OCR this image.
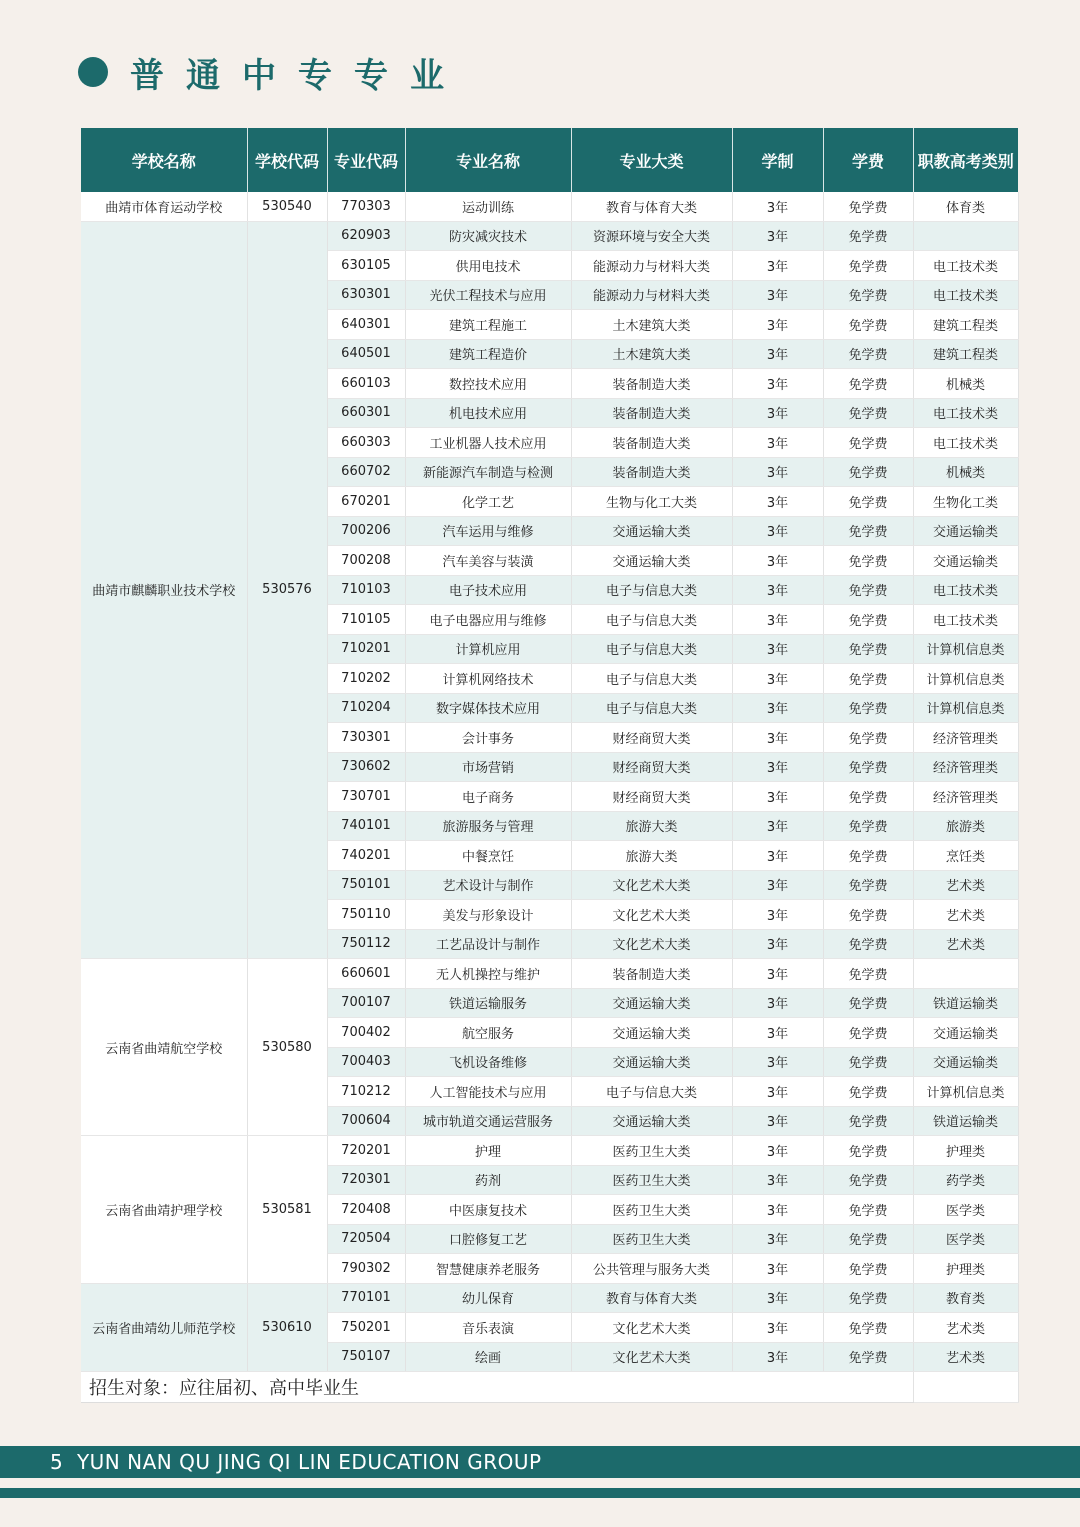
普通中专专业
学校名称	学校代码	专业代码	专业名称	专业大类	学制	学费	职教高考类别
曲靖市体育运动学校	530540	770303	运动训练	教育与体育大类	3年	免学费	体育类
曲靖市麒麟职业技术学校	530576	620903	防灾减灾技术	资源环境与安全大类	3年	免学费	
		630105	供用电技术	能源动力与材料大类	3年	免学费	电工技术类
		630301	光伏工程技术与应用	能源动力与材料大类	3年	免学费	电工技术类
		640301	建筑工程施工	土木建筑大类	3年	免学费	建筑工程类
		640501	建筑工程造价	土木建筑大类	3年	免学费	建筑工程类
		660103	数控技术应用	装备制造大类	3年	免学费	机械类
		660301	机电技术应用	装备制造大类	3年	免学费	电工技术类
		660303	工业机器人技术应用	装备制造大类	3年	免学费	电工技术类
		660702	新能源汽车制造与检测	装备制造大类	3年	免学费	机械类
		670201	化学工艺	生物与化工大类	3年	免学费	生物化工类
		700206	汽车运用与维修	交通运输大类	3年	免学费	交通运输类
		700208	汽车美容与装潢	交通运输大类	3年	免学费	交通运输类
		710103	电子技术应用	电子与信息大类	3年	免学费	电工技术类
		710105	电子电器应用与维修	电子与信息大类	3年	免学费	电工技术类
		710201	计算机应用	电子与信息大类	3年	免学费	计算机信息类
		710202	计算机网络技术	电子与信息大类	3年	免学费	计算机信息类
		710204	数字媒体技术应用	电子与信息大类	3年	免学费	计算机信息类
		730301	会计事务	财经商贸大类	3年	免学费	经济管理类
		730602	市场营销	财经商贸大类	3年	免学费	经济管理类
		730701	电子商务	财经商贸大类	3年	免学费	经济管理类
		740101	旅游服务与管理	旅游大类	3年	免学费	旅游类
		740201	中餐烹饪	旅游大类	3年	免学费	烹饪类
		750101	艺术设计与制作	文化艺术大类	3年	免学费	艺术类
		750110	美发与形象设计	文化艺术大类	3年	免学费	艺术类
		750112	工艺品设计与制作	文化艺术大类	3年	免学费	艺术类
云南省曲靖航空学校	530580	660601	无人机操控与维护	装备制造大类	3年	免学费	
		700107	铁道运输服务	交通运输大类	3年	免学费	铁道运输类
		700402	航空服务	交通运输大类	3年	免学费	交通运输类
		700403	飞机设备维修	交通运输大类	3年	免学费	交通运输类
		710212	人工智能技术与应用	电子与信息大类	3年	免学费	计算机信息类
		700604	城市轨道交通运营服务	交通运输大类	3年	免学费	铁道运输类
云南省曲靖护理学校	530581	720201	护理	医药卫生大类	3年	免学费	护理类
		720301	药剂	医药卫生大类	3年	免学费	药学类
		720408	中医康复技术	医药卫生大类	3年	免学费	医学类
		720504	口腔修复工艺	医药卫生大类	3年	免学费	医学类
		790302	智慧健康养老服务	公共管理与服务大类	3年	免学费	护理类
云南省曲靖幼儿师范学校	530610	770101	幼儿保育	教育与体育大类	3年	免学费	教育类
		750201	音乐表演	文化艺术大类	3年	免学费	艺术类
		750107	绘画	文化艺术大类	3年	免学费	艺术类
招生对象：应往届初、高中毕业生							
5 YUN NAN QU JING QI LIN EDUCATION GROUP
